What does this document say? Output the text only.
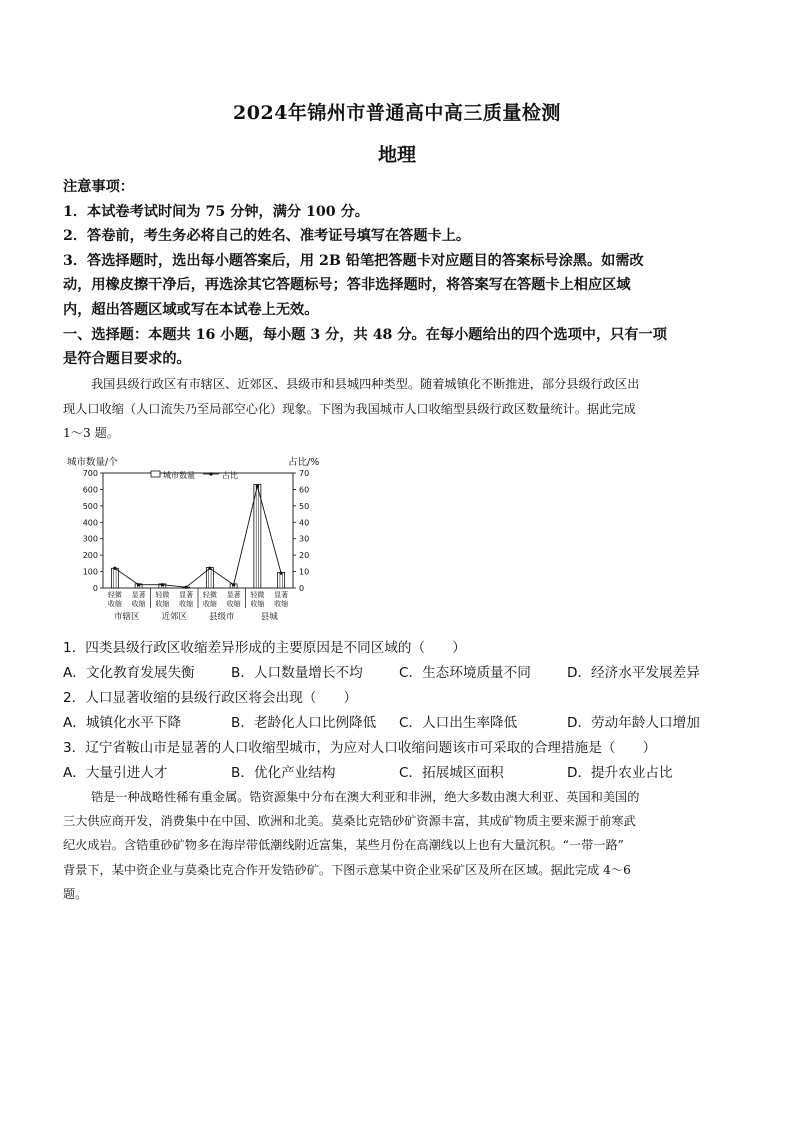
2024年锦州市普通高中高三质量检测
地理
注意事项：
1．本试卷考试时间为 75 分钟，满分 100 分。
2．答卷前，考生务必将自己的姓名、准考证号填写在答题卡上。
3．答选择题时，选出每小题答案后，用 2B 铅笔把答题卡对应题目的答案标号涂黑。如需改
动，用橡皮擦干净后，再选涂其它答题标号；答非选择题时，将答案写在答题卡上相应区域
内，超出答题区域或写在本试卷上无效。
一、选择题：本题共 16 小题，每小题 3 分，共 48 分。在每小题给出的四个选项中，只有一项
是符合题目要求的。
我国县级行政区有市辖区、近郊区、县级市和县城四种类型。随着城镇化不断推进，部分县级行政区出
现人口收缩（人口流失乃至局部空心化）现象。下图为我国城市人口收缩型县级行政区数量统计。据此完成
1～3 题。
城市数量/个	占比/%
0
100
200
300
400
500
600
700
0
10
20
30
40
50
60
70
城市数量	占比
轻微
收缩
显著
收缩
轻微
收缩
显著
收缩
轻微
收缩
显著
收缩
轻微
收缩
显著
收缩
市辖区	近郊区	县级市	县城
1．四类县级行政区收缩差异形成的主要原因是不同区域的（　　）
A．文化教育发展失衡	B．人口数量增长不均	C．生态环境质量不同	D．经济水平发展差异
2．人口显著收缩的县级行政区将会出现（　　）
A．城镇化水平下降	B．老龄化人口比例降低 C．人口出生率降低	D．劳动年龄人口增加
3．辽宁省鞍山市是显著的人口收缩型城市，为应对人口收缩问题该市可采取的合理措施是（　　）
A．大量引进人才	B．优化产业结构	C．拓展城区面积	D．提升农业占比
锆是一种战略性稀有重金属。锆资源集中分布在澳大利亚和非洲，绝大多数由澳大利亚、英国和美国的
三大供应商开发，消费集中在中国、欧洲和北美。莫桑比克锆砂矿资源丰富，其成矿物质主要来源于前寒武
纪火成岩。含锆重砂矿物多在海岸带低潮线附近富集，某些月份在高潮线以上也有大量沉积。“一带一路”
背景下，某中资企业与莫桑比克合作开发锆砂矿。下图示意某中资企业采矿区及所在区域。据此完成 4～6
题。
